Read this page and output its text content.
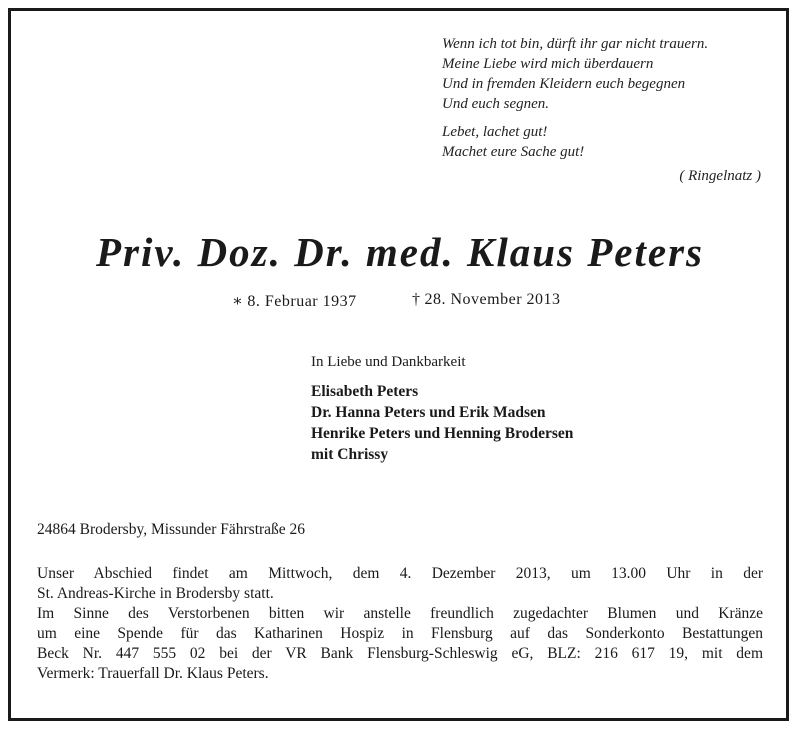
Wenn ich tot bin, dürft ihr gar nicht trauern.
Meine Liebe wird mich überdauern
Und in fremden Kleidern euch begegnen
Und euch segnen.
Lebet, lachet gut!
Machet eure Sache gut!
( Ringelnatz )
Priv. Doz. Dr. med. Klaus Peters
∗ 8. Februar 1937	† 28. November 2013
In Liebe und Dankbarkeit
Elisabeth Peters
Dr. Hanna Peters und Erik Madsen
Henrike Peters und Henning Brodersen
mit Chrissy
24864 Brodersby, Missunder Fährstraße 26

Unser Abschied findet am Mittwoch, dem 4. Dezember 2013, um 13.00 Uhr in der
St. Andreas-Kirche in Brodersby statt.

Im Sinne des Verstorbenen bitten wir anstelle freundlich zugedachter Blumen und Kränze
um eine Spende für das Katharinen Hospiz in Flensburg auf das Sonderkonto Bestattungen
Beck Nr. 447 555 02 bei der VR Bank Flensburg-Schleswig eG, BLZ: 216 617 19, mit dem
Vermerk: Trauerfall Dr. Klaus Peters.
